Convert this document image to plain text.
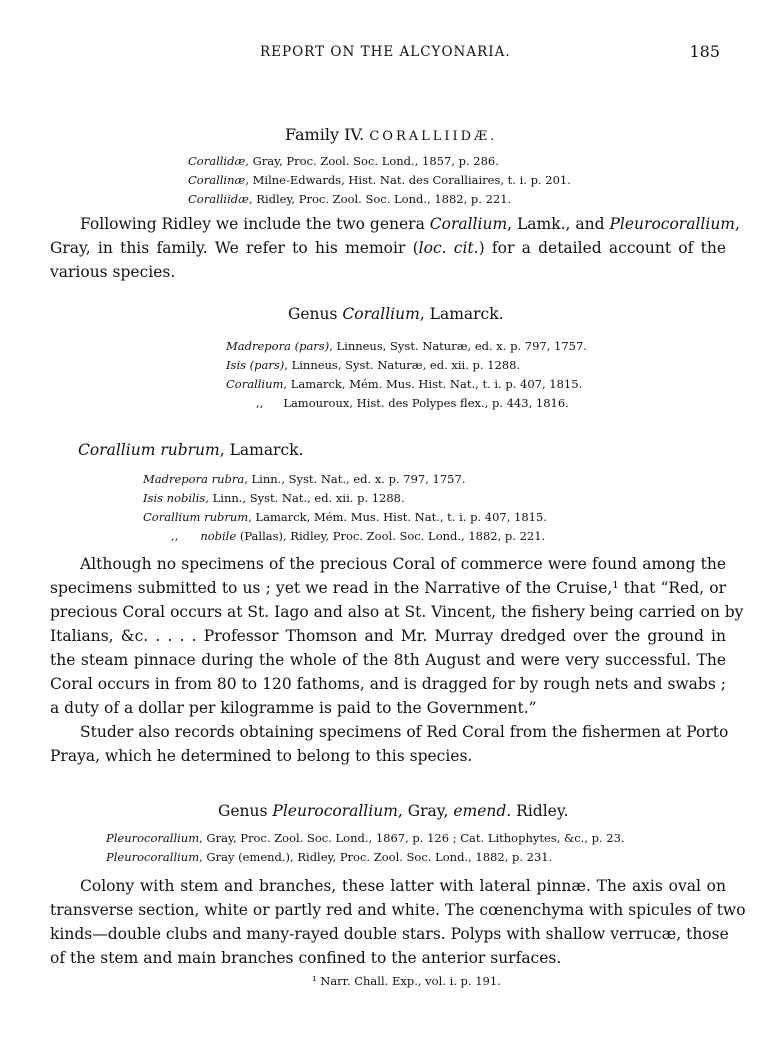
REPORT ON THE ALCYONARIA.	185
Family IV. CORALLIIDÆ.
Corallidæ, Gray, Proc. Zool. Soc. Lond., 1857, p. 286.
Corallinæ, Milne-Edwards, Hist. Nat. des Coralliaires, t. i. p. 201.
Coralliidæ, Ridley, Proc. Zool. Soc. Lond., 1882, p. 221.
Following Ridley we include the two genera Corallium, Lamk., and Pleurocorallium,
Gray, in this family. We refer to his memoir (loc. cit.) for a detailed account of the
various species.
Genus Corallium, Lamarck.
Madrepora (pars), Linneus, Syst. Naturæ, ed. x. p. 797, 1757.
Isis (pars), Linneus, Syst. Naturæ, ed. xii. p. 1288.
Corallium, Lamarck, Mém. Mus. Hist. Nat., t. i. p. 407, 1815.
,, Lamouroux, Hist. des Polypes flex., p. 443, 1816.
Corallium rubrum, Lamarck.
Madrepora rubra, Linn., Syst. Nat., ed. x. p. 797, 1757.
Isis nobilis, Linn., Syst. Nat., ed. xii. p. 1288.
Corallium rubrum, Lamarck, Mém. Mus. Hist. Nat., t. i. p. 407, 1815.
,, nobile (Pallas), Ridley, Proc. Zool. Soc. Lond., 1882, p. 221.
Although no specimens of the precious Coral of commerce were found among the
specimens submitted to us ; yet we read in the Narrative of the Cruise,¹ that “Red, or
precious Coral occurs at St. Iago and also at St. Vincent, the fishery being carried on by
Italians, &c. . . . . Professor Thomson and Mr. Murray dredged over the ground in
the steam pinnace during the whole of the 8th August and were very successful. The
Coral occurs in from 80 to 120 fathoms, and is dragged for by rough nets and swabs ;
a duty of a dollar per kilogramme is paid to the Government.”
Studer also records obtaining specimens of Red Coral from the fishermen at Porto
Praya, which he determined to belong to this species.
Genus Pleurocorallium, Gray, emend. Ridley.
Pleurocorallium, Gray, Proc. Zool. Soc. Lond., 1867, p. 126 ; Cat. Lithophytes, &c., p. 23.
Pleurocorallium, Gray (emend.), Ridley, Proc. Zool. Soc. Lond., 1882, p. 231.
Colony with stem and branches, these latter with lateral pinnæ. The axis oval on
transverse section, white or partly red and white. The cœnenchyma with spicules of two
kinds—double clubs and many-rayed double stars. Polyps with shallow verrucæ, those
of the stem and main branches confined to the anterior surfaces.
¹ Narr. Chall. Exp., vol. i. p. 191.
